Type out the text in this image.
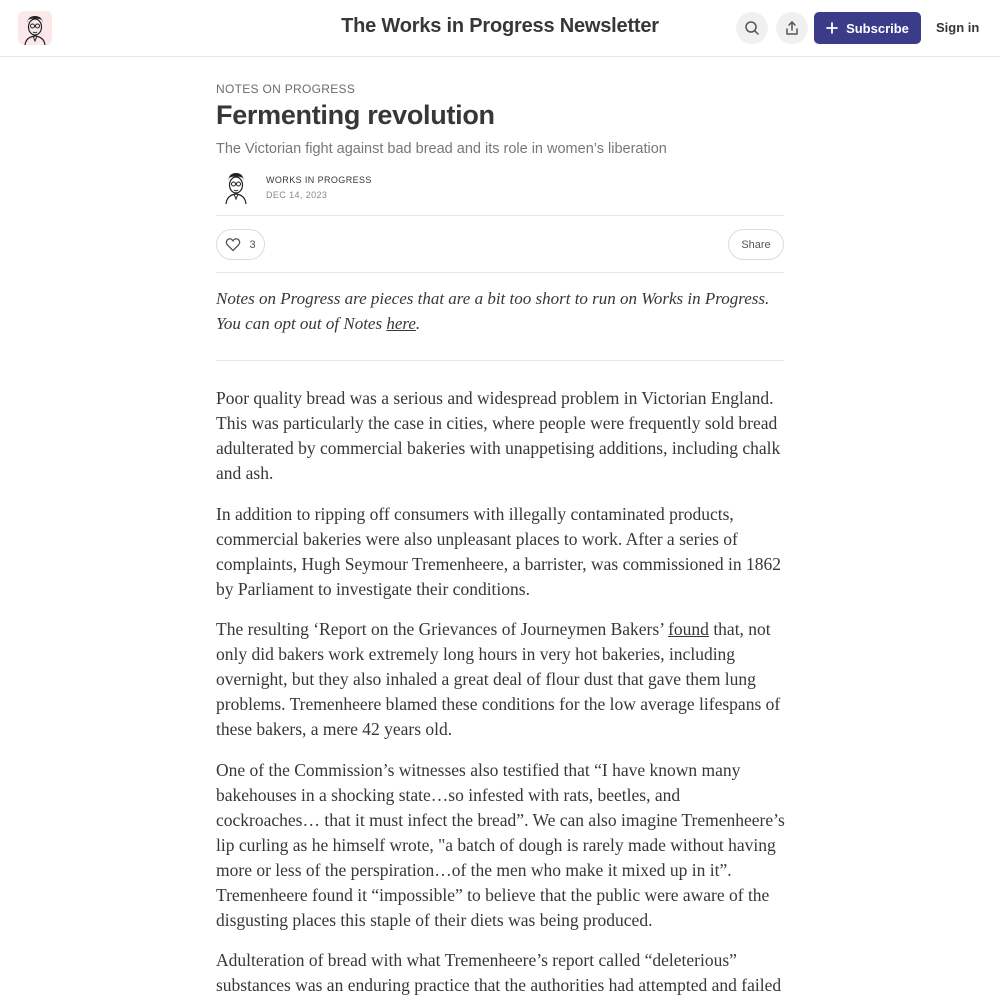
The Works in Progress Newsletter	Subscribe Sign in
NOTES ON PROGRESS
Fermenting revolution
The Victorian fight against bad bread and its role in women’s liberation
WORKS IN PROGRESS
DEC 14, 2023
3	Share
Notes on Progress are pieces that are a bit too short to run on Works in Progress. You can opt out of Notes here.

Poor quality bread was a serious and widespread problem in Victorian England. This was particularly the case in cities, where people were frequently sold bread adulterated by commercial bakeries with unappetising additions, including chalk and ash.

In addition to ripping off consumers with illegally contaminated products, commercial bakeries were also unpleasant places to work. After a series of complaints, Hugh Seymour Tremenheere, a barrister, was commissioned in 1862 by Parliament to investigate their conditions.

The resulting ‘Report on the Grievances of Journeymen Bakers’ found that, not only did bakers work extremely long hours in very hot bakeries, including overnight, but they also inhaled a great deal of flour dust that gave them lung problems. Tremenheere blamed these conditions for the low average lifespans of these bakers, a mere 42 years old.

One of the Commission’s witnesses also testified that “I have known many bakehouses in a shocking state…so infested with rats, beetles, and cockroaches… that it must infect the bread”. We can also imagine Tremenheere’s lip curling as he himself wrote, "a batch of dough is rarely made without having more or less of the perspiration…of the men who make it mixed up in it”. Tremenheere found it “impossible” to believe that the public were aware of the disgusting places this staple of their diets was being produced.

Adulteration of bread with what Tremenheere’s report called “deleterious” substances was an enduring practice that the authorities had attempted and failed
